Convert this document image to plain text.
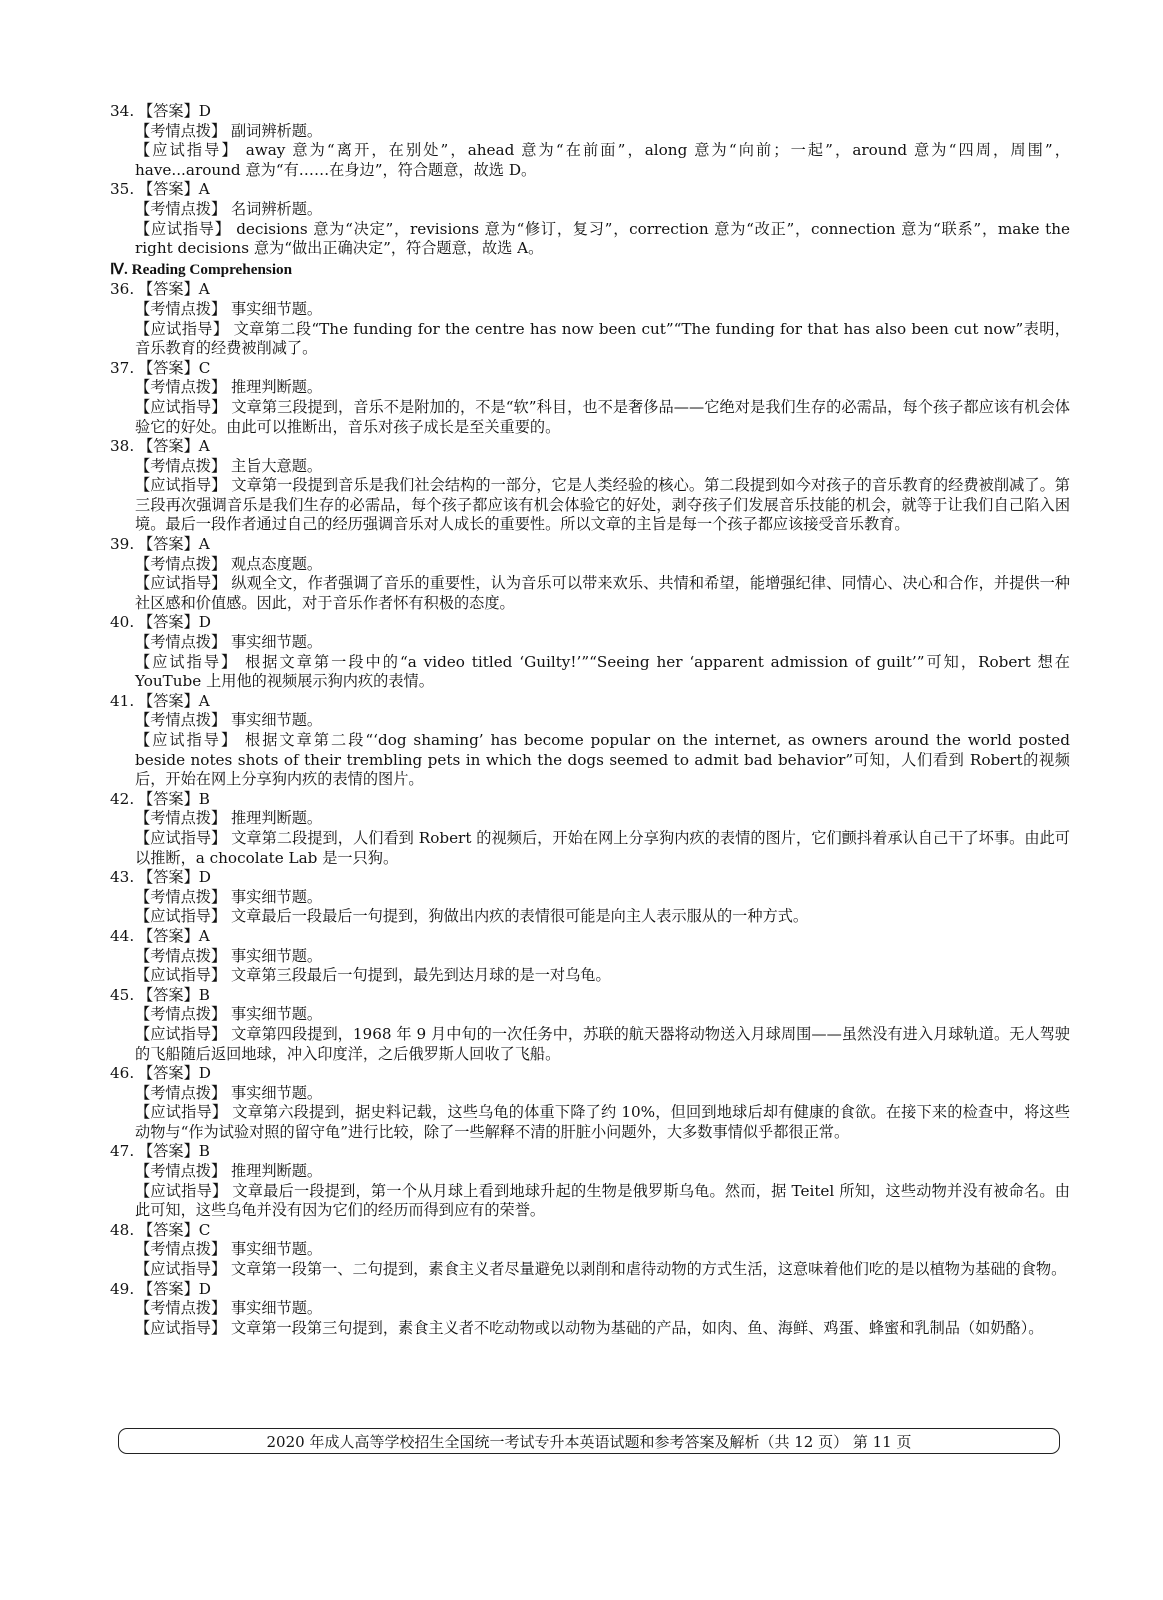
34. 【答案】D
【考情点拨】 副词辨析题。
【应试指导】 away 意为“离开，在别处”，ahead 意为“在前面”，along 意为“向前；一起”，around 意为“四周，周围”，have...around 意为“有……在身边”，符合题意，故选 D。
35. 【答案】A
【考情点拨】 名词辨析题。
【应试指导】 decisions 意为“决定”，revisions 意为“修订，复习”，correction 意为“改正”，connection 意为“联系”，make the right decisions 意为“做出正确决定”，符合题意，故选 A。
Ⅳ. Reading Comprehension
36. 【答案】A
【考情点拨】 事实细节题。
【应试指导】 文章第二段“The funding for the centre has now been cut”“The funding for that has also been cut now”表明，音乐教育的经费被削减了。
37. 【答案】C
【考情点拨】 推理判断题。
【应试指导】 文章第三段提到，音乐不是附加的，不是“软”科目，也不是奢侈品——它绝对是我们生存的必需品，每个孩子都应该有机会体验它的好处。由此可以推断出，音乐对孩子成长是至关重要的。
38. 【答案】A
【考情点拨】 主旨大意题。
【应试指导】 文章第一段提到音乐是我们社会结构的一部分，它是人类经验的核心。第二段提到如今对孩子的音乐教育的经费被削减了。第三段再次强调音乐是我们生存的必需品，每个孩子都应该有机会体验它的好处，剥夺孩子们发展音乐技能的机会，就等于让我们自己陷入困境。最后一段作者通过自己的经历强调音乐对人成长的重要性。所以文章的主旨是每一个孩子都应该接受音乐教育。
39. 【答案】A
【考情点拨】 观点态度题。
【应试指导】 纵观全文，作者强调了音乐的重要性，认为音乐可以带来欢乐、共情和希望，能增强纪律、同情心、决心和合作，并提供一种社区感和价值感。因此，对于音乐作者怀有积极的态度。
40. 【答案】D
【考情点拨】 事实细节题。
【应试指导】 根据文章第一段中的“a video titled ‘Guilty!’”“Seeing her ‘apparent admission of guilt’”可知，Robert 想在 YouTube 上用他的视频展示狗内疚的表情。
41. 【答案】A
【考情点拨】 事实细节题。
【应试指导】 根据文章第二段“‘dog shaming’ has become popular on the internet, as owners around the world posted beside notes shots of their trembling pets in which the dogs seemed to admit bad behavior”可知，人们看到 Robert的视频后，开始在网上分享狗内疚的表情的图片。
42. 【答案】B
【考情点拨】 推理判断题。
【应试指导】 文章第二段提到，人们看到 Robert 的视频后，开始在网上分享狗内疚的表情的图片，它们颤抖着承认自己干了坏事。由此可以推断，a chocolate Lab 是一只狗。
43. 【答案】D
【考情点拨】 事实细节题。
【应试指导】 文章最后一段最后一句提到，狗做出内疚的表情很可能是向主人表示服从的一种方式。
44. 【答案】A
【考情点拨】 事实细节题。
【应试指导】 文章第三段最后一句提到，最先到达月球的是一对乌龟。
45. 【答案】B
【考情点拨】 事实细节题。
【应试指导】 文章第四段提到，1968 年 9 月中旬的一次任务中，苏联的航天器将动物送入月球周围——虽然没有进入月球轨道。无人驾驶的飞船随后返回地球，冲入印度洋，之后俄罗斯人回收了飞船。
46. 【答案】D
【考情点拨】 事实细节题。
【应试指导】 文章第六段提到，据史料记载，这些乌龟的体重下降了约 10%，但回到地球后却有健康的食欲。在接下来的检查中，将这些动物与“作为试验对照的留守龟”进行比较，除了一些解释不清的肝脏小问题外，大多数事情似乎都很正常。
47. 【答案】B
【考情点拨】 推理判断题。
【应试指导】 文章最后一段提到，第一个从月球上看到地球升起的生物是俄罗斯乌龟。然而，据 Teitel 所知，这些动物并没有被命名。由此可知，这些乌龟并没有因为它们的经历而得到应有的荣誉。
48. 【答案】C
【考情点拨】 事实细节题。
【应试指导】 文章第一段第一、二句提到，素食主义者尽量避免以剥削和虐待动物的方式生活，这意味着他们吃的是以植物为基础的食物。
49. 【答案】D
【考情点拨】 事实细节题。
【应试指导】 文章第一段第三句提到，素食主义者不吃动物或以动物为基础的产品，如肉、鱼、海鲜、鸡蛋、蜂蜜和乳制品（如奶酪）。
2020 年成人高等学校招生全国统一考试专升本英语试题和参考答案及解析（共 12 页） 第 11 页
